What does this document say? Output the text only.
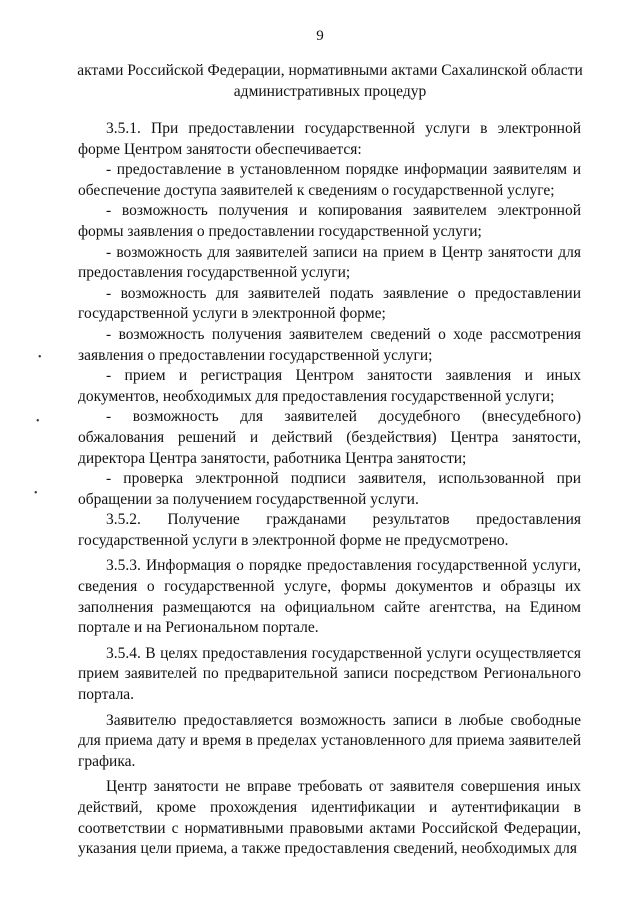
9
актами Российской Федерации, нормативными актами Сахалинской области
административных процедур

3.5.1. При предоставлении государственной услуги в электронной форме Центром занятости обеспечивается:

- предоставление в установленном порядке информации заявителям и обеспечение доступа заявителей к сведениям о государственной услуге;

- возможность получения и копирования заявителем электронной формы заявления о предоставлении государственной услуги;

- возможность для заявителей записи на прием в Центр занятости для предоставления государственной услуги;

- возможность для заявителей подать заявление о предоставлении государственной услуги в электронной форме;

- возможность получения заявителем сведений о ходе рассмотрения заявления о предоставлении государственной услуги;

- прием и регистрация Центром занятости заявления и иных документов, необходимых для предоставления государственной услуги;

- возможность для заявителей досудебного (внесудебного) обжалования решений и действий (бездействия) Центра занятости, директора Центра занятости, работника Центра занятости;

- проверка электронной подписи заявителя, использованной при обращении за получением государственной услуги.

3.5.2. Получение гражданами результатов предоставления государственной услуги в электронной форме не предусмотрено.

3.5.3. Информация о порядке предоставления государственной услуги, сведения о государственной услуге, формы документов и образцы их заполнения размещаются на официальном сайте агентства, на Едином портале и на Региональном портале.

3.5.4. В целях предоставления государственной услуги осуществляется прием заявителей по предварительной записи посредством Регионального портала.

Заявителю предоставляется возможность записи в любые свободные для приема дату и время в пределах установленного для приема заявителей графика.

Центр занятости не вправе требовать от заявителя совершения иных действий, кроме прохождения идентификации и аутентификации в соответствии с нормативными правовыми актами Российской Федерации, указания цели приема, а также предоставления сведений, необходимых для

•
•
•
